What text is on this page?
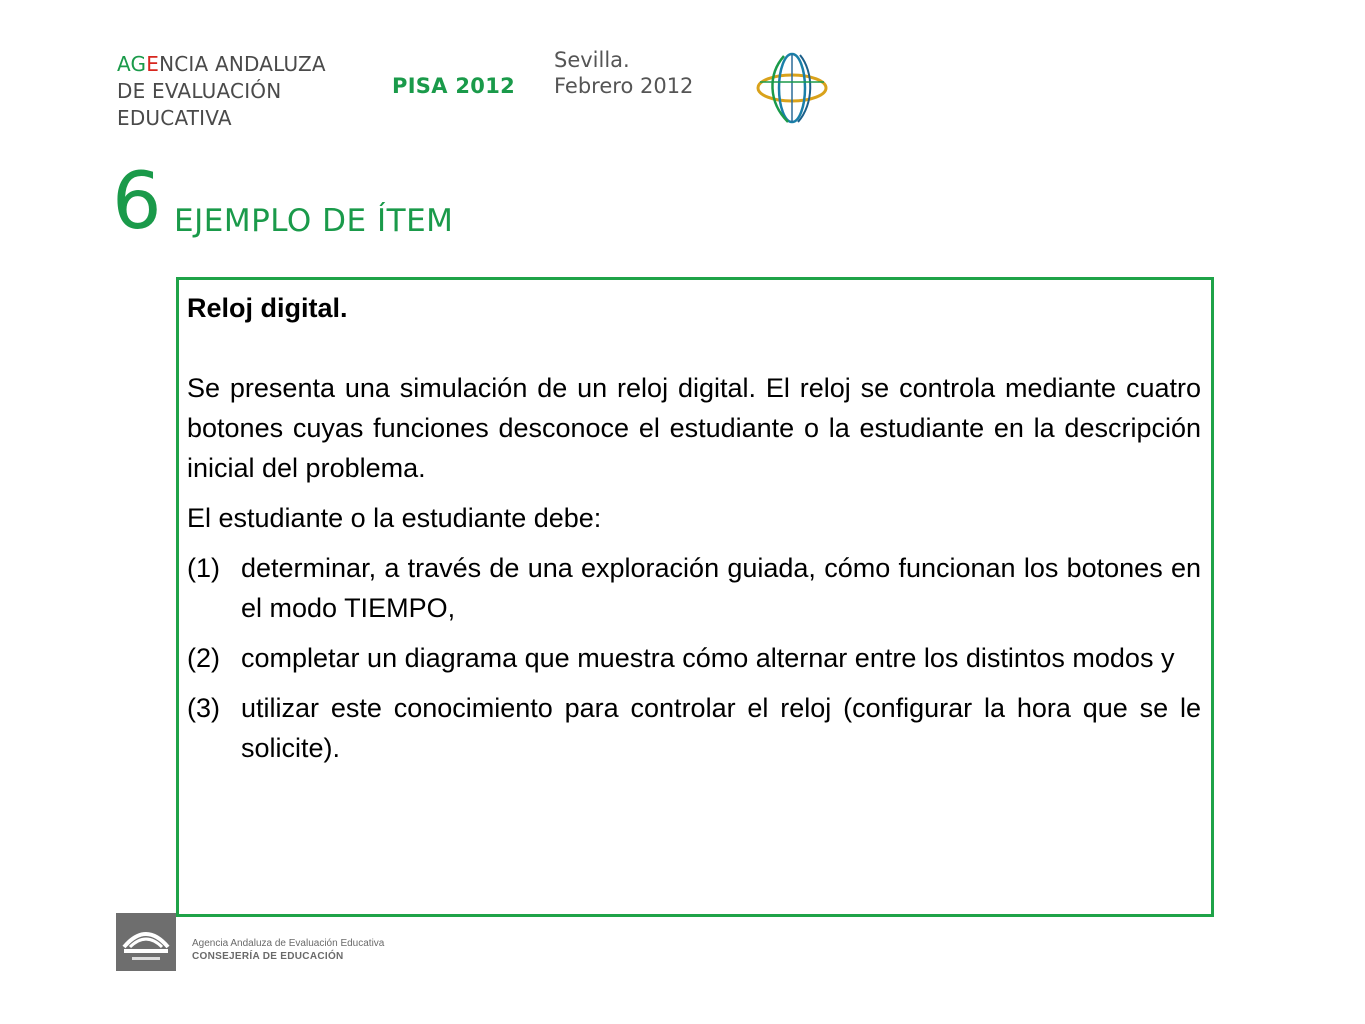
AGENCIA ANDALUZA
DE EVALUACIÓN
EDUCATIVA
PISA 2012
Sevilla.
Febrero 2012
6 EJEMPLO DE ÍTEM

Reloj digital.

Se presenta una simulación de un reloj digital. El reloj se controla mediante cuatro botones cuyas funciones desconoce el estudiante o la estudiante en la descripción inicial del problema.

El estudiante o la estudiante debe:

(1) determinar, a través de una exploración guiada, cómo funcionan los botones en el modo TIEMPO,
(2) completar un diagrama que muestra cómo alternar entre los distintos modos y
(3) utilizar este conocimiento para controlar el reloj (configurar la hora que se le solicite).
Agencia Andaluza de Evaluación Educativa
CONSEJERÍA DE EDUCACIÓN
